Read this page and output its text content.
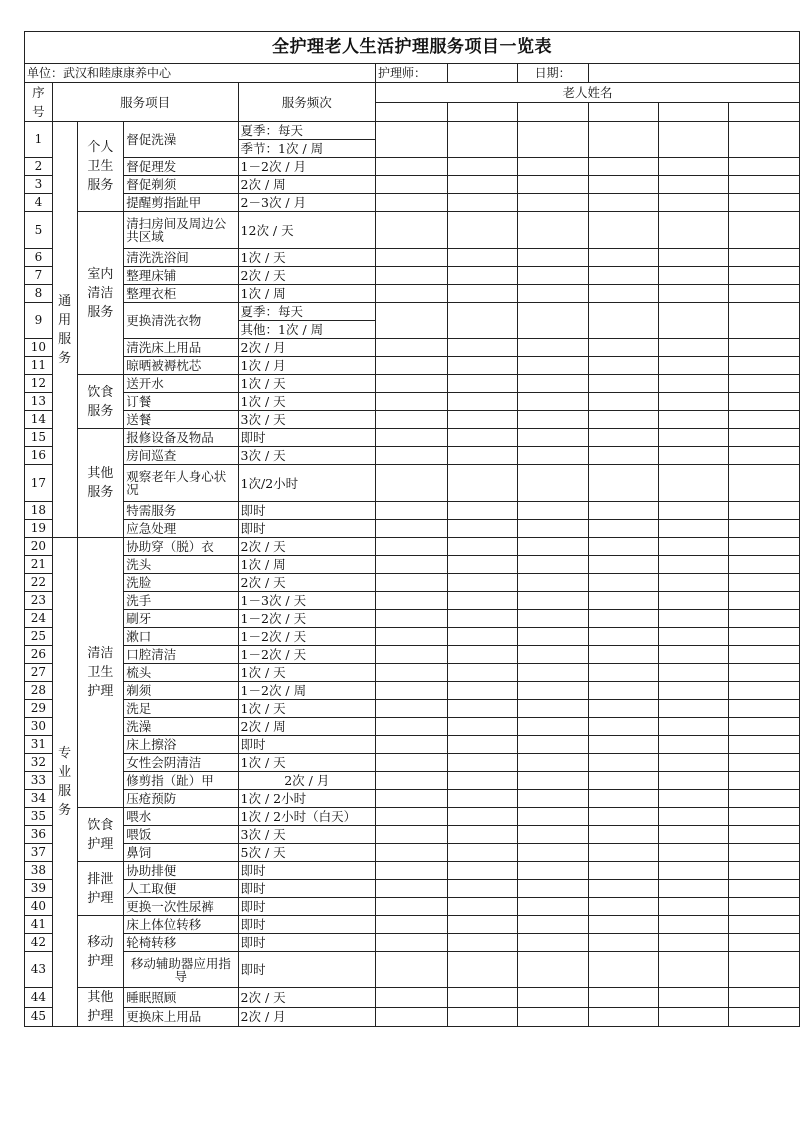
全护理老人生活护理服务项目一览表										
单位：武汉和睦康康养中心					护理师：		日期：			
序号	服务项目			服务频次	老人姓名					

1	通用服务	个人卫生服务	督促洗澡	夏季：每天						
				季节：1次 / 周						
2			督促理发	1－2次 / 月						
3			督促剃须	2次 / 周						
4			提醒剪指趾甲	2－3次 / 月						
5		室内清洁服务	清扫房间及周边公共区域	12次 / 天						
6			清洗洗浴间	1次 / 天						
7			整理床铺	2次 / 天						
8			整理衣柜	1次 / 周						
9			更换清洗衣物	夏季：每天						
				其他：1次 / 周						
10			清洗床上用品	2次 / 月						
11			晾晒被褥枕芯	1次 / 月						
12		饮食服务	送开水	1次 / 天						
13			订餐	1次 / 天						
14			送餐	3次 / 天						
15		其他服务	报修设备及物品	即时						
16			房间巡查	3次 / 天						
17			观察老年人身心状况	1次/2小时						
18			特需服务	即时						
19			应急处理	即时						
20	专业服务	清洁卫生护理	协助穿（脱）衣	2次 / 天						
21			洗头	1次 / 周						
22			洗脸	2次 / 天						
23			洗手	1－3次 / 天						
24			刷牙	1－2次 / 天						
25			漱口	1－2次 / 天						
26			口腔清洁	1－2次 / 天						
27			梳头	1次 / 天						
28			剃须	1－2次 / 周						
29			洗足	1次 / 天						
30			洗澡	2次 / 周						
31			床上擦浴	即时						
32			女性会阴清洁	1次 / 天						
33			修剪指（趾）甲	2次 / 月						
34			压疮预防	1次 / 2小时						
35		饮食护理	喂水	1次 / 2小时（白天）						
36			喂饭	3次 / 天						
37			鼻饲	5次 / 天						
38		排泄护理	协助排便	即时						
39			人工取便	即时						
40			更换一次性尿裤	即时						
41		移动护理	床上体位转移	即时						
42			轮椅转移	即时						
43			移动辅助器应用指导	即时						
44		其他护理	睡眠照顾	2次 / 天						
45			更换床上用品	2次 / 月						
